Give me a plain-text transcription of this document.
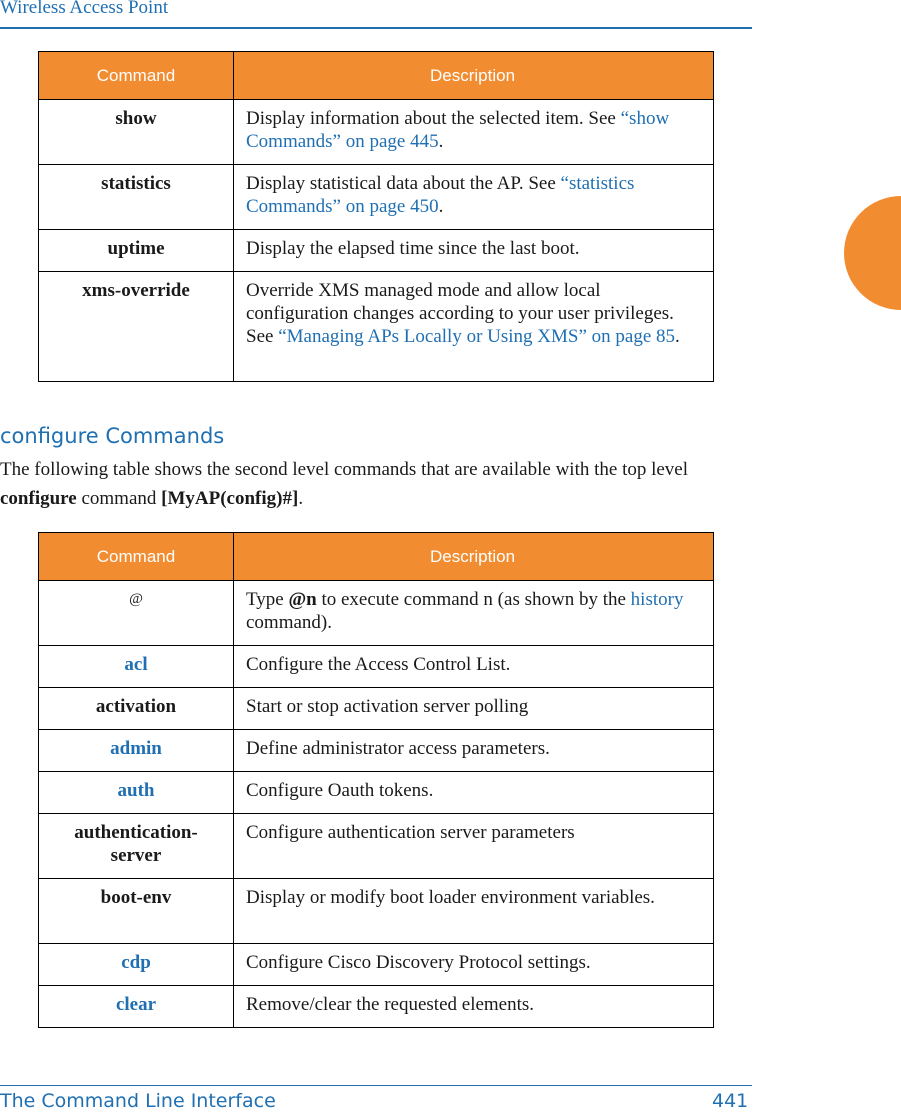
Wireless Access Point
Command	Description
show	Display information about the selected item. See “show Commands” on page 445.
statistics	Display statistical data about the AP. See “statistics Commands” on page 450.
uptime	Display the elapsed time since the last boot.
xms-override	Override XMS managed mode and allow local configuration changes according to your user privileges. See “Managing APs Locally or Using XMS” on page 85.
configure Commands
The following table shows the second level commands that are available with the top level configure command [MyAP(config)#].
Command	Description
@	Type @n to execute command n (as shown by the history command).
acl	Configure the Access Control List.
activation	Start or stop activation server polling
admin	Define administrator access parameters.
auth	Configure Oauth tokens.
authentication-
server	Configure authentication server parameters
boot-env	Display or modify boot loader environment variables.
cdp	Configure Cisco Discovery Protocol settings.
clear	Remove/clear the requested elements.
The Command Line Interface	441
